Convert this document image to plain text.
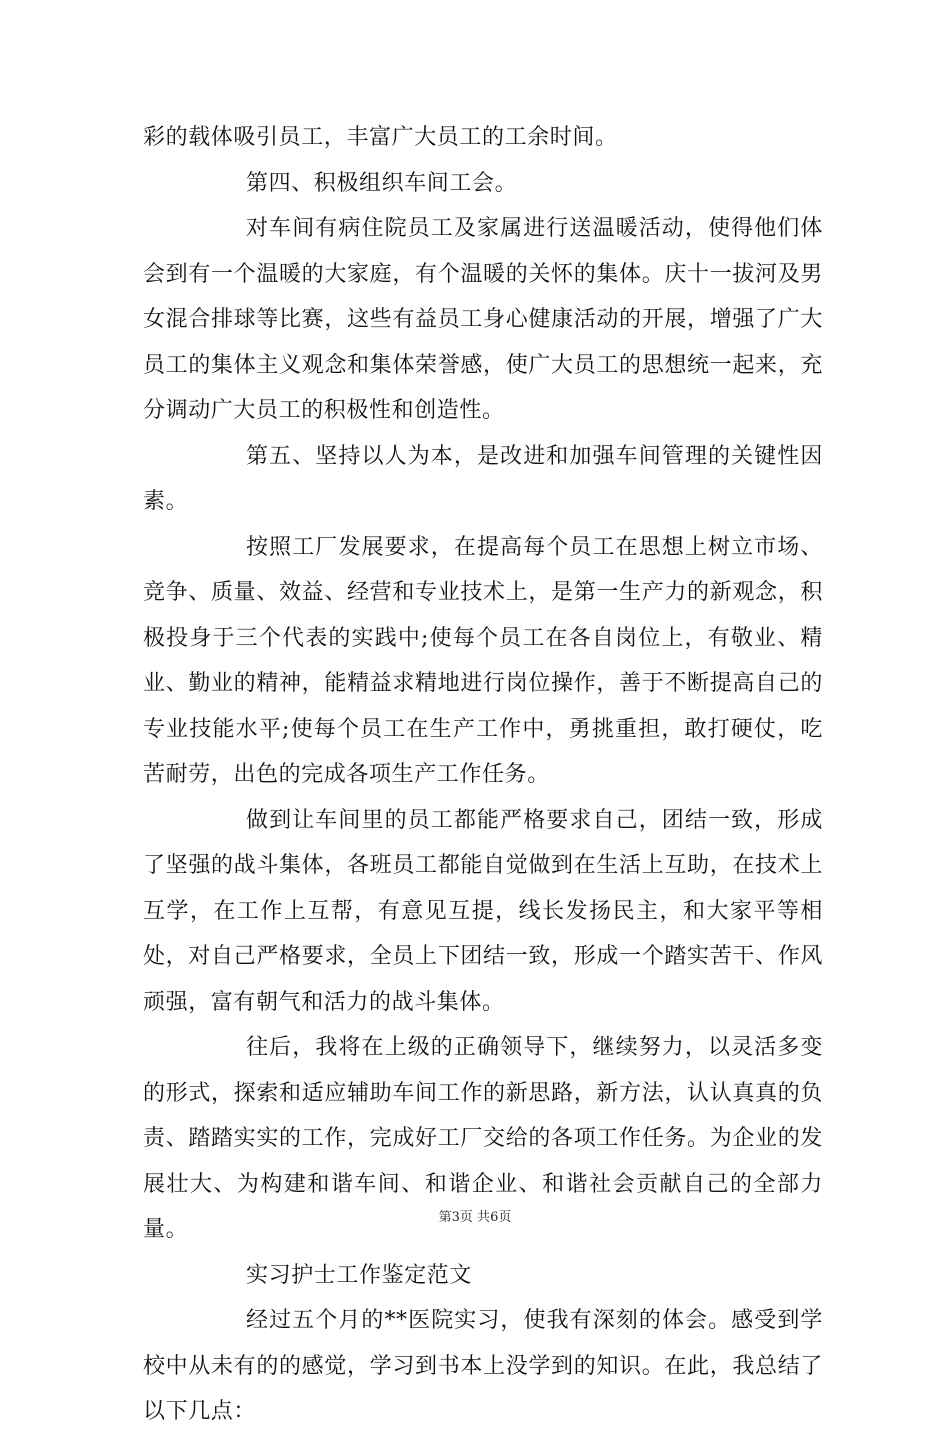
彩的载体吸引员工，丰富广大员工的工余时间。

第四、积极组织车间工会。

对车间有病住院员工及家属进行送温暖活动，使得他们体会到有一个温暖的大家庭，有个温暖的关怀的集体。庆十一拔河及男女混合排球等比赛，这些有益员工身心健康活动的开展，增强了广大员工的集体主义观念和集体荣誉感，使广大员工的思想统一起来，充分调动广大员工的积极性和创造性。

第五、坚持以人为本，是改进和加强车间管理的关键性因素。

按照工厂发展要求，在提高每个员工在思想上树立市场、竞争、质量、效益、经营和专业技术上，是第一生产力的新观念，积极投身于三个代表的实践中;使每个员工在各自岗位上，有敬业、精业、勤业的精神，能精益求精地进行岗位操作，善于不断提高自己的专业技能水平;使每个员工在生产工作中，勇挑重担，敢打硬仗，吃苦耐劳，出色的完成各项生产工作任务。

做到让车间里的员工都能严格要求自己，团结一致，形成了坚强的战斗集体，各班员工都能自觉做到在生活上互助，在技术上互学，在工作上互帮，有意见互提，线长发扬民主，和大家平等相处，对自己严格要求，全员上下团结一致，形成一个踏实苦干、作风顽强，富有朝气和活力的战斗集体。

往后，我将在上级的正确领导下，继续努力，以灵活多变的形式，探索和适应辅助车间工作的新思路，新方法，认认真真的负责、踏踏实实的工作，完成好工厂交给的各项工作任务。为企业的发展壮大、为构建和谐车间、和谐企业、和谐社会贡献自己的全部力量。

实习护士工作鉴定范文

经过五个月的**医院实习，使我有深刻的体会。感受到学校中从未有的的感觉，学习到书本上没学到的知识。在此，我总结了以下几点：

第3页 共6页
